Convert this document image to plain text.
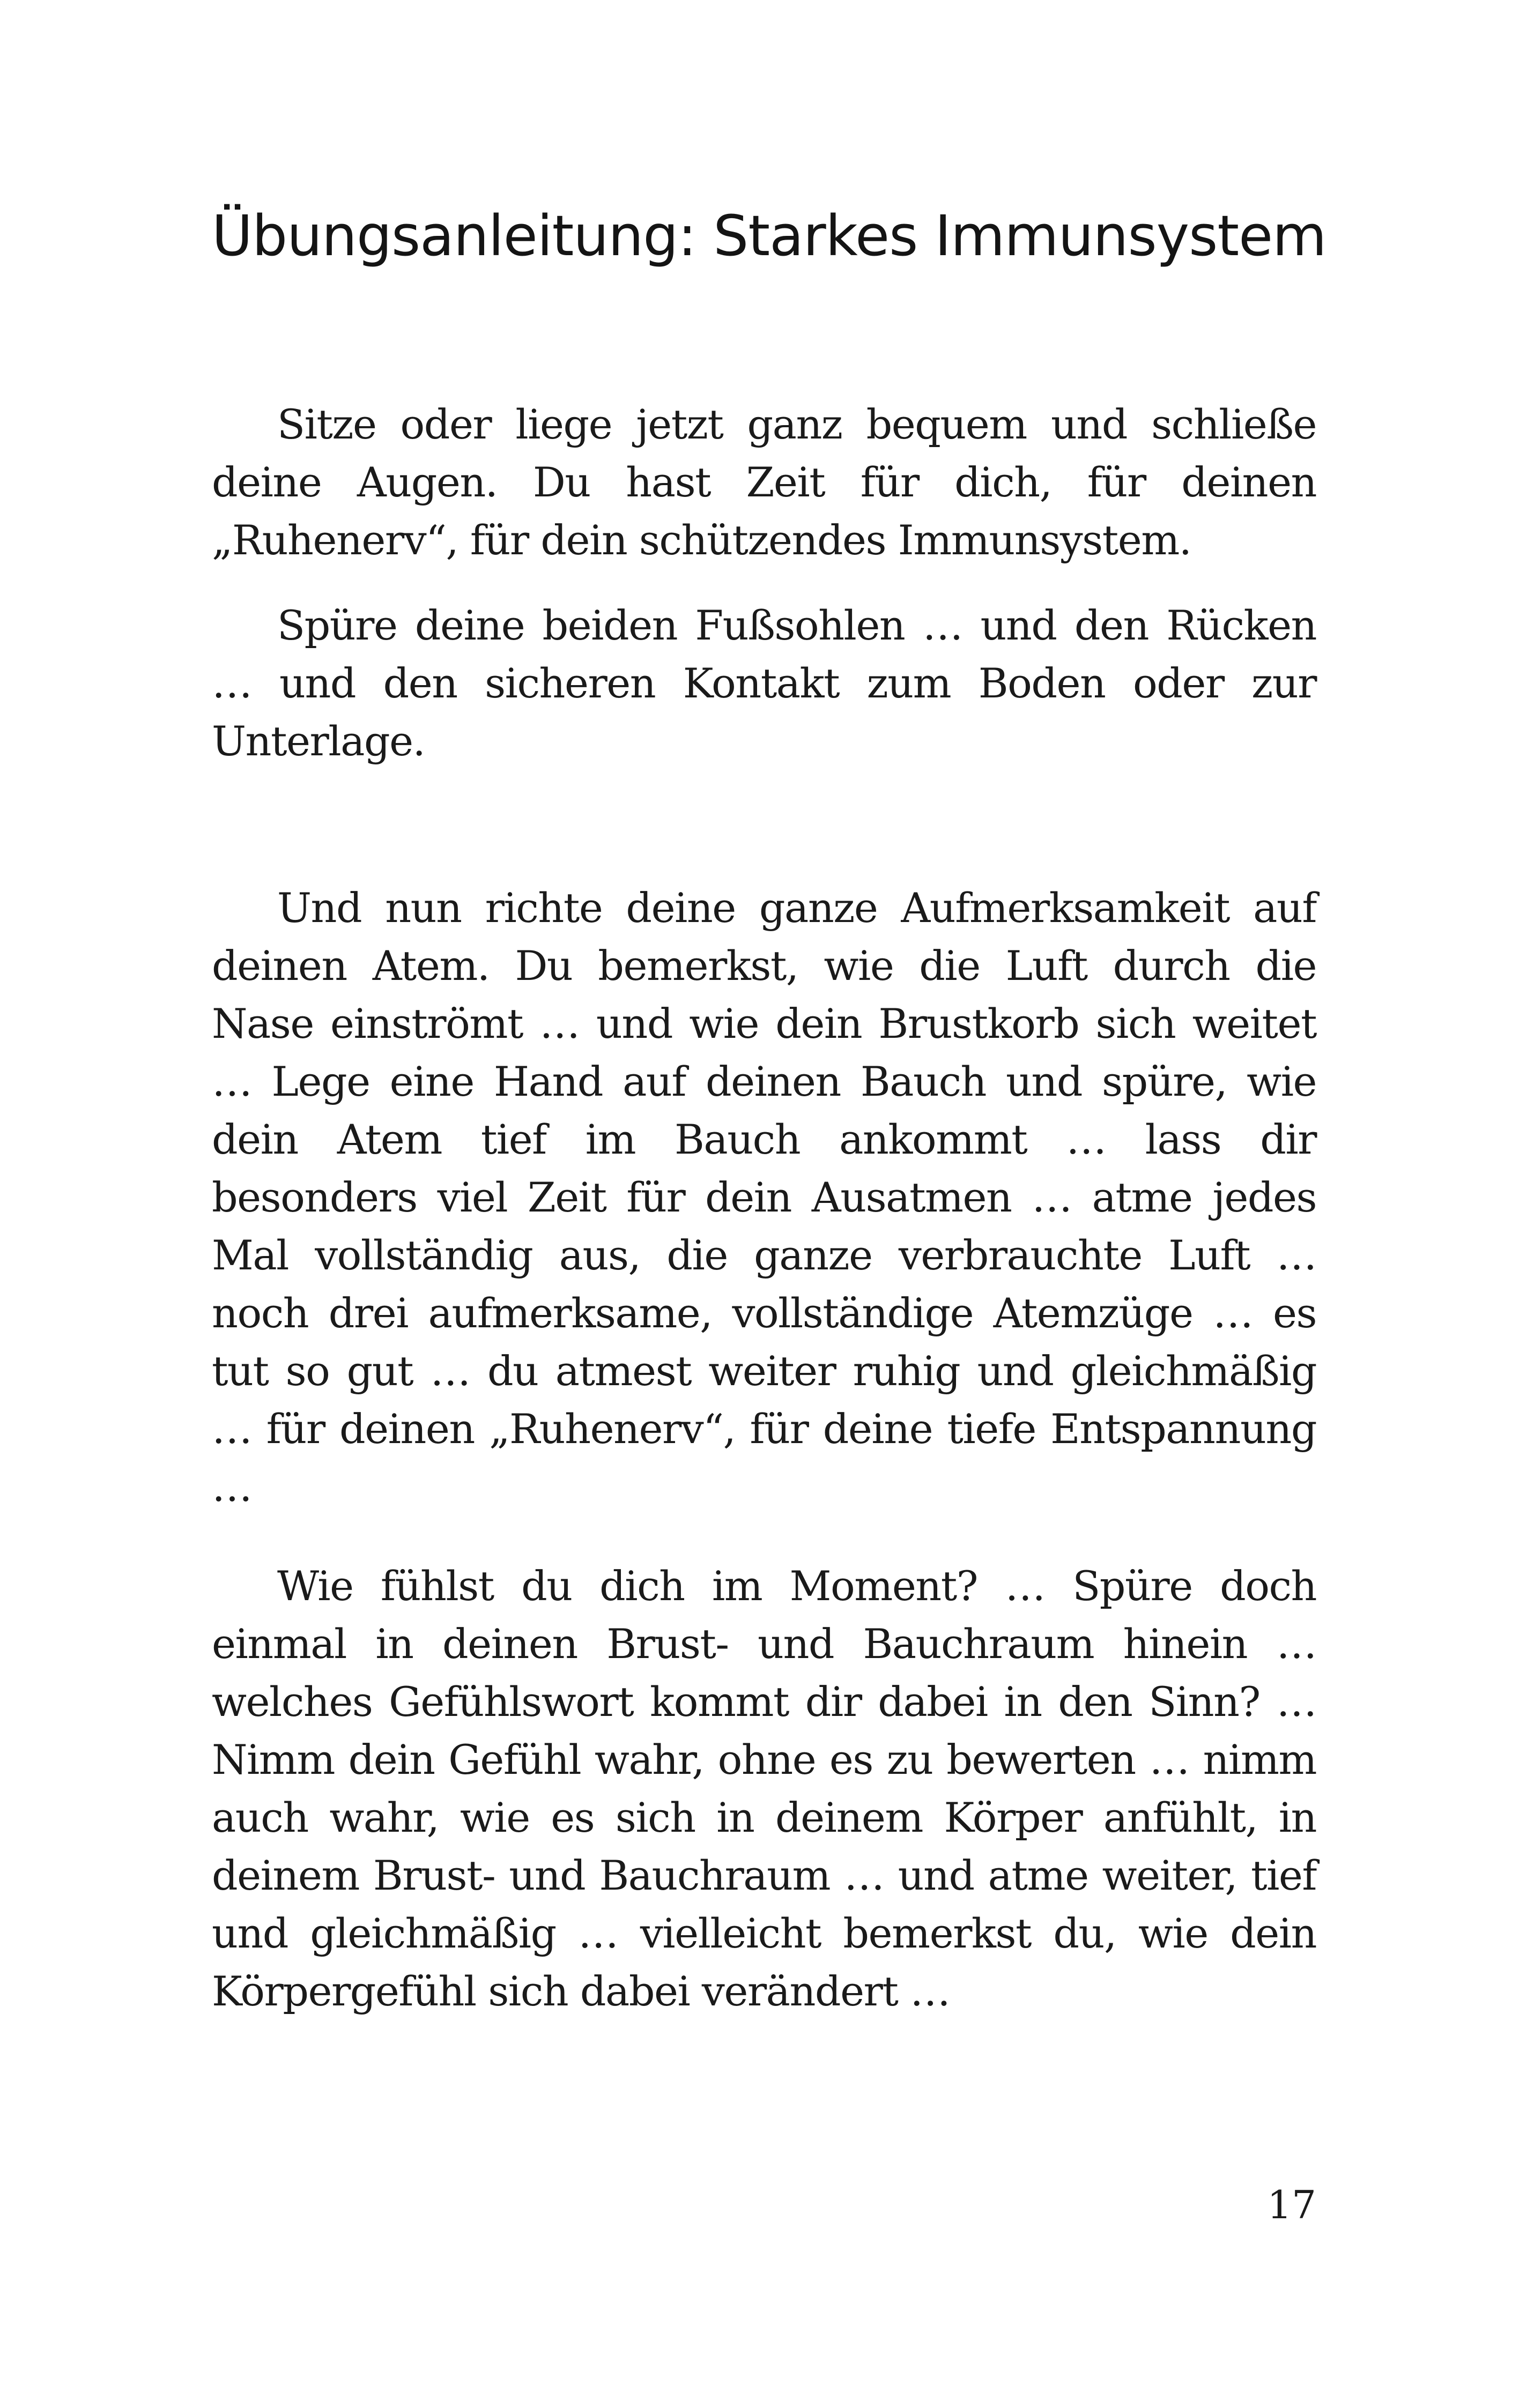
Übungsanleitung: Starkes Immunsystem

Sitze oder liege jetzt ganz bequem und schließe deine Augen. Du hast Zeit für dich, für deinen „Ruhenerv“, für dein schützendes Immunsystem.

Spüre deine beiden Fußsohlen … und den Rücken … und den sicheren Kontakt zum Boden oder zur Unterlage.

Und nun richte deine ganze Aufmerksamkeit auf deinen Atem. Du bemerkst, wie die Luft durch die Nase einströmt … und wie dein Brustkorb sich weitet … Lege eine Hand auf deinen Bauch und spüre, wie dein Atem tief im Bauch ankommt … lass dir besonders viel Zeit für dein Ausatmen … atme jedes Mal vollständig aus, die ganze verbrauchte Luft … noch drei aufmerksame, vollständige Atemzüge … es tut so gut … du atmest weiter ruhig und gleichmäßig … für deinen „Ruhenerv“, für deine tiefe Entspannung …

Wie fühlst du dich im Moment? … Spüre doch einmal in deinen Brust- und Bauchraum hinein … welches Gefühlswort kommt dir dabei in den Sinn? … Nimm dein Gefühl wahr, ohne es zu bewerten … nimm auch wahr, wie es sich in deinem Körper anfühlt, in deinem Brust- und Bauchraum … und atme weiter, tief und gleichmäßig … vielleicht bemerkst du, wie dein Körpergefühl sich dabei verändert …

17
